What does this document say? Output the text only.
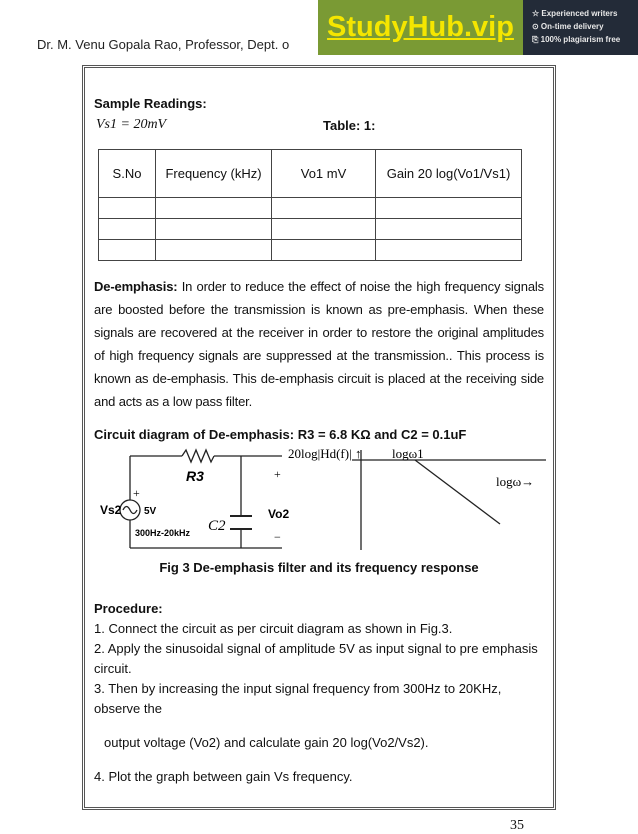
Dr. M. Venu Gopala Rao, Professor, Dept. o
StudyHub.vip	☆ Experienced writers
⊙ On-time delivery
⎘ 100% plagiarism free
Sample Readings:
Vs1 = 20mV	Table: 1:
S.No	Frequency (kHz)	Vo1 mV	Gain 20 log(Vo1/Vs1)

De-emphasis: In order to reduce the effect of noise the high frequency signals are boosted before the transmission is known as pre-emphasis. When these signals are recovered at the receiver in order to restore the original amplitudes of high frequency signals are suppressed at the transmission.. This process is known as de-emphasis. This de-emphasis circuit is placed at the receiving side and acts as a low pass filter.
Circuit diagram of De-emphasis: R3 = 6.8 KΩ and C2 = 0.1uF
Vs2
+
5V
300Hz-20kHz
R3
C2
+
−
Vo2
20log|Hd(f)| ↑ logω1
logω→
Fig 3 De-emphasis filter and its frequency response
Procedure:
1. Connect the circuit as per circuit diagram as shown in Fig.3.
2. Apply the sinusoidal signal of amplitude 5V as input signal to pre emphasis circuit.
3. Then by increasing the input signal frequency from 300Hz to 20KHz, observe the
output voltage (Vo2) and calculate gain 20 log(Vo2/Vs2).
4. Plot the graph between gain Vs frequency.
35
